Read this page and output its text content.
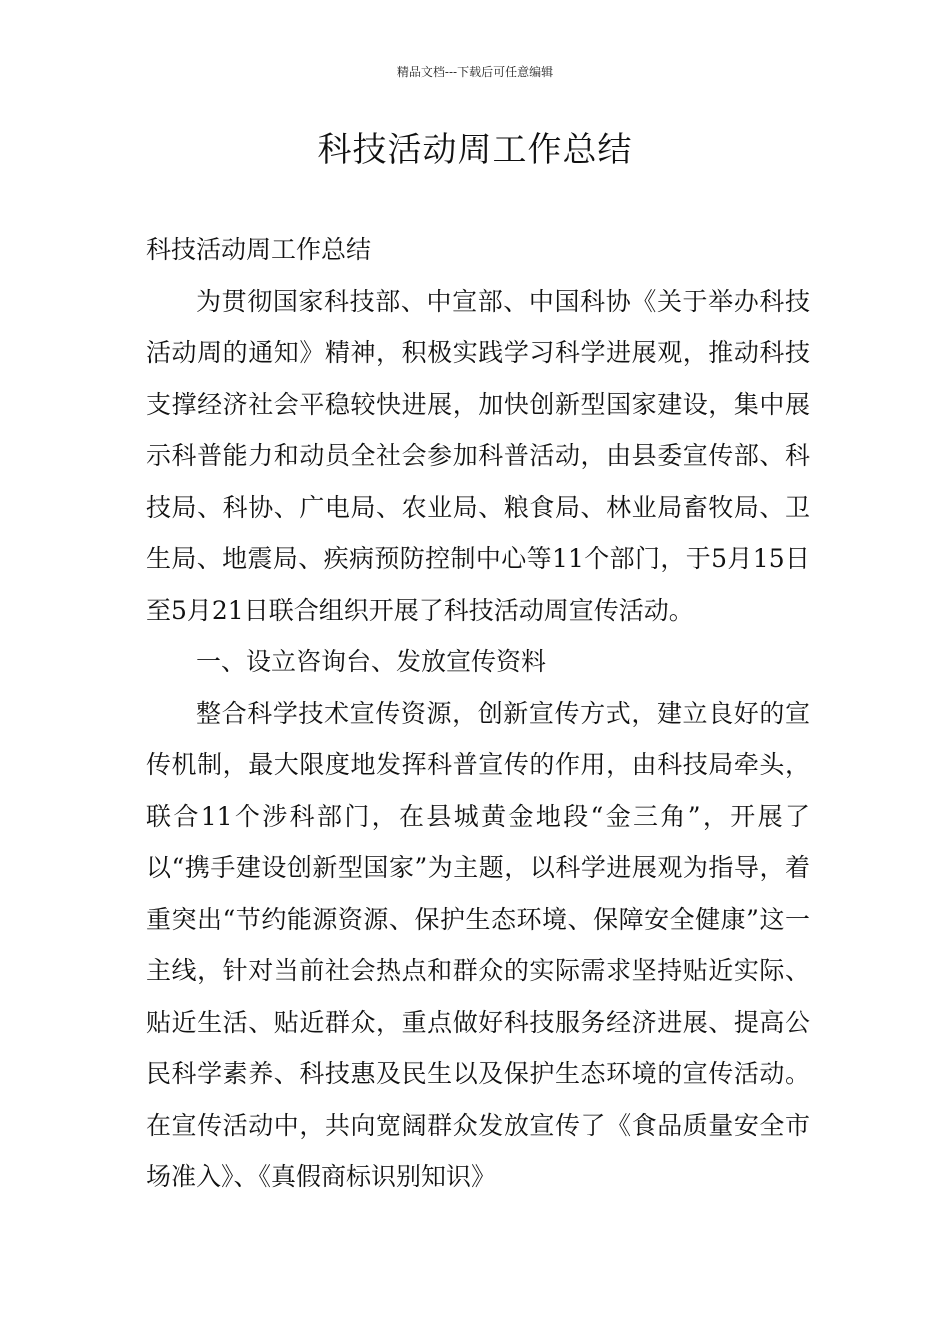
精品文档---下载后可任意编辑
科技活动周工作总结

科技活动周工作总结

为贯彻国家科技部、中宣部、中国科协《关于举办科技活动周的通知》精神，积极实践学习科学进展观，推动科技支撑经济社会平稳较快进展，加快创新型国家建设，集中展示科普能力和动员全社会参加科普活动，由县委宣传部、科技局、科协、广电局、农业局、粮食局、林业局畜牧局、卫生局、地震局、疾病预防控制中心等11个部门，于5月15日至5月21日联合组织开展了科技活动周宣传活动。

一、设立咨询台、发放宣传资料

整合科学技术宣传资源，创新宣传方式，建立良好的宣传机制，最大限度地发挥科普宣传的作用，由科技局牵头，联合11个涉科部门，在县城黄金地段“金三角”，开展了以“携手建设创新型国家”为主题，以科学进展观为指导，着重突出“节约能源资源、保护生态环境、保障安全健康”这一主线，针对当前社会热点和群众的实际需求坚持贴近实际、贴近生活、贴近群众，重点做好科技服务经济进展、提高公民科学素养、科技惠及民生以及保护生态环境的宣传活动。在宣传活动中，共向宽阔群众发放宣传了《食品质量安全市场准入》、《真假商标识别知识》
